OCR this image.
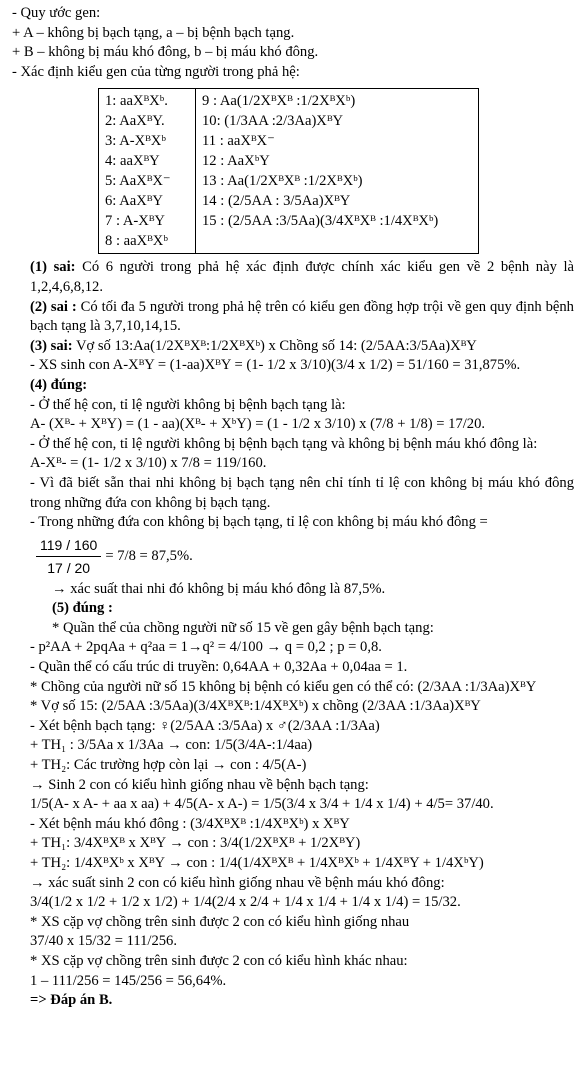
- Quy ước gen:
+ A – không bị bạch tạng, a – bị bệnh bạch tạng.
+ B – không bị máu khó đông, b – bị máu khó đông.
- Xác định kiểu gen của từng người trong phả hệ:
1: aaXᴮXᵇ.
2: AaXᴮY.
3: A-XᴮXᵇ
4: aaXᴮY
5: AaXᴮX⁻
6: AaXᴮY
7 : A-XᴮY
8 : aaXᴮXᵇ

9 : Aa(1/2XᴮXᴮ :1/2XᴮXᵇ)
10: (1/3AA :2/3Aa)XᴮY
11 : aaXᴮX⁻
12 : AaXᵇY
13 : Aa(1/2XᴮXᴮ :1/2XᴮXᵇ)
14 : (2/5AA : 3/5Aa)XᴮY
15 : (2/5AA :3/5Aa)(3/4XᴮXᴮ :1/4XᴮXᵇ)
(1) sai: Có 6 người trong phả hệ xác định được chính xác kiểu gen về 2 bệnh này là 1,2,4,6,8,12.
(2) sai : Có tối đa 5 người trong phả hệ trên có kiểu gen đồng hợp trội về gen quy định bệnh bạch tạng là 3,7,10,14,15.
(3) sai: Vợ số 13:Aa(1/2XᴮXᴮ:1/2XᴮXᵇ) x Chồng số 14: (2/5AA:3/5Aa)XᴮY
- XS sinh con A-XᴮY = (1-aa)XᴮY = (1- 1/2 x 3/10)(3/4 x 1/2) = 51/160 = 31,875%.
(4) đúng:
- Ở thế hệ con, tỉ lệ người không bị bệnh bạch tạng là:
A- (Xᴮ- + XᴮY) = (1 - aa)(Xᴮ- + XᵇY) = (1 - 1/2 x 3/10) x (7/8 + 1/8) = 17/20.
- Ở thế hệ con, tỉ lệ người không bị bệnh bạch tạng và không bị bệnh máu khó đông là:
A-Xᴮ- = (1- 1/2 x 3/10) x 7/8 = 119/160.
- Vì đã biết sẵn thai nhi không bị bạch tạng nên chỉ tính tỉ lệ con không bị máu khó đông trong những đứa con không bị bạch tạng.
- Trong những đứa con không bị bạch tạng, tỉ lệ con không bị máu khó đông =
$\frac{119 / 160}{17 / 20} = 7/8 = 87,5\%$.
→ xác suất thai nhi đó không bị máu khó đông là 87,5%.
(5) đúng :
* Quần thể của chồng người nữ số 15 về gen gây bệnh bạch tạng:
- p²AA + 2pqAa + q²aa = 1→q² = 4/100 → q = 0,2 ; p = 0,8.
- Quần thể có cấu trúc di truyền: 0,64AA + 0,32Aa + 0,04aa = 1.
* Chồng của người nữ số 15 không bị bệnh có kiểu gen có thể có: (2/3AA :1/3Aa)XᴮY
* Vợ số 15: (2/5AA :3/5Aa)(3/4XᴮXᴮ:1/4XᴮXᵇ) x chồng (2/3AA :1/3Aa)XᴮY
- Xét bệnh bạch tạng: ♀(2/5AA :3/5Aa) x ♂(2/3AA :1/3Aa)
+ TH₁ : 3/5Aa x 1/3Aa → con: 1/5(3/4A-:1/4aa)
+ TH₂: Các trường hợp còn lại → con : 4/5(A-)
→ Sinh 2 con có kiểu hình giống nhau về bệnh bạch tạng:
1/5(A- x A- + aa x aa) + 4/5(A- x A-) = 1/5(3/4 x 3/4 + 1/4 x 1/4) + 4/5= 37/40.
- Xét bệnh máu khó đông : (3/4XᴮXᴮ :1/4XᴮXᵇ) x XᴮY
+ TH₁: 3/4XᴮXᴮ x XᴮY → con : 3/4(1/2XᴮXᴮ + 1/2XᴮY)
+ TH₂: 1/4XᴮXᵇ x XᴮY → con : 1/4(1/4XᴮXᴮ + 1/4XᴮXᵇ + 1/4XᴮY + 1/4XᵇY)
→ xác suất sinh 2 con có kiểu hình giống nhau về bệnh máu khó đông:
3/4(1/2 x 1/2 + 1/2 x 1/2) + 1/4(2/4 x 2/4 + 1/4 x 1/4 + 1/4 x 1/4) = 15/32.
* XS cặp vợ chồng trên sinh được 2 con có kiểu hình giống nhau
37/40 x 15/32 = 111/256.
* XS cặp vợ chồng trên sinh được 2 con có kiểu hình khác nhau:
1 – 111/256 = 145/256 = 56,64%.
=> Đáp án B.
